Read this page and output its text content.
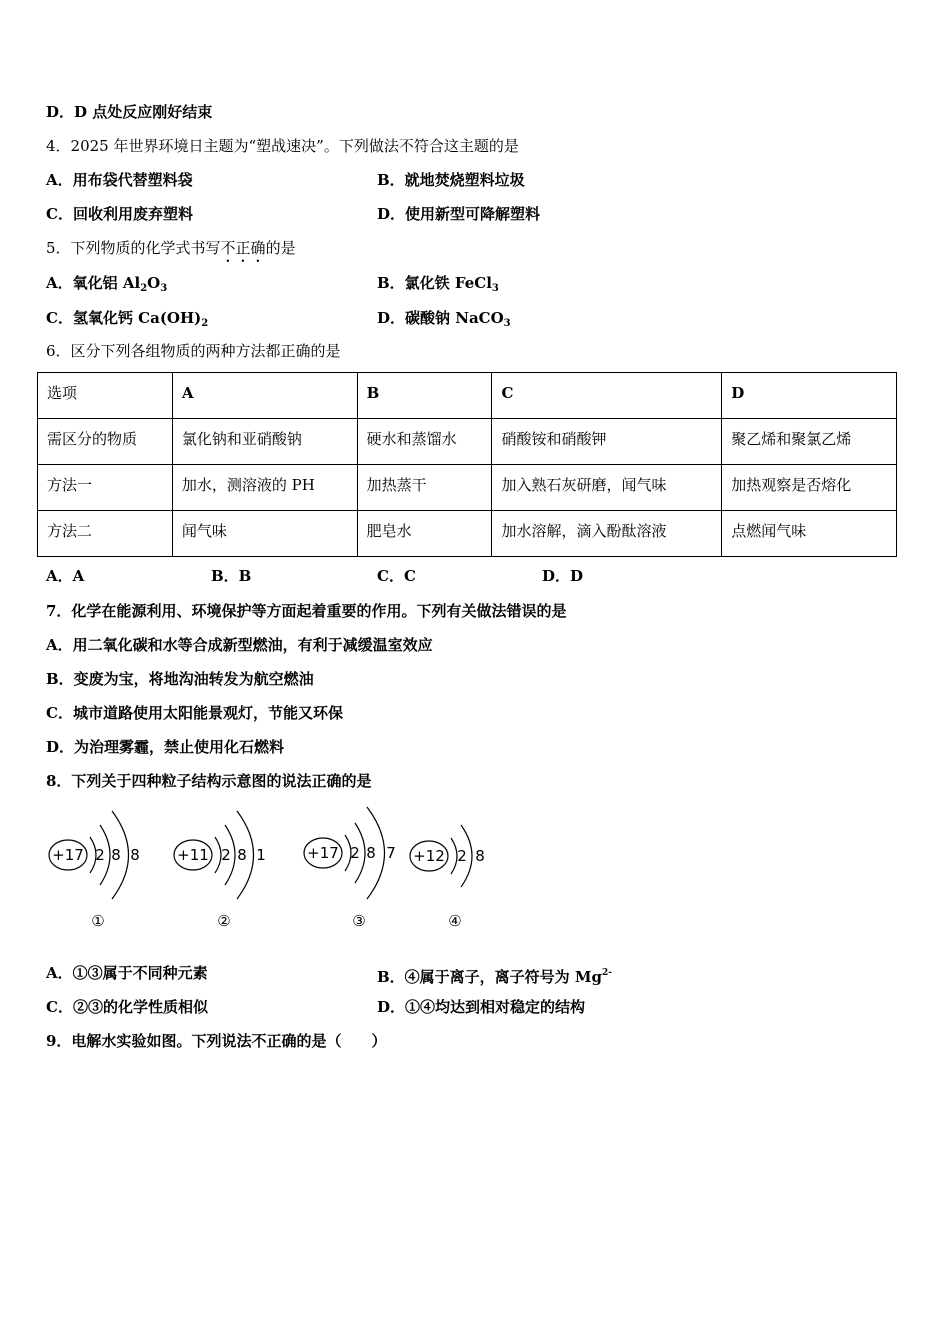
D．D 点处反应刚好结束
4．2025 年世界环境日主题为“塑战速决”。下列做法不符合这主题的是
A．用布袋代替塑料袋	B．就地焚烧塑料垃圾
C．回收利用废弃塑料	D．使用新型可降解塑料
5．下列物质的化学式书写不正确的是
A．氧化铝 $Al_2O_3$	B．氯化铁 FeCl$_3$
C．氢氧化钙 $Ca(OH)_2$	D．碳酸钠 NaCO$_3$
6．区分下列各组物质的两种方法都正确的是
选项	A	B	C	D
需区分的物质	氯化钠和亚硝酸钠	硬水和蒸馏水	硝酸铵和硝酸钾	聚乙烯和聚氯乙烯
方法一	加水，测溶液的 PH	加热蒸干	加入熟石灰研磨，闻气味	加热观察是否熔化
方法二	闻气味	肥皂水	加水溶解，滴入酚酞溶液	点燃闻气味
A．A	B．B	C．C	D．D
7．化学在能源利用、环境保护等方面起着重要的作用。下列有关做法错误的是
A．用二氧化碳和水等合成新型燃油，有利于减缓温室效应
B．变废为宝，将地沟油转发为航空燃油
C．城市道路使用太阳能景观灯，节能又环保
D．为治理雾霾，禁止使用化石燃料
8．下列关于四种粒子结构示意图的说法正确的是
+17 2 8 8
①
+11 2 8 1
②
+17 2 8 7
③
+12 2 8
④
A．①③属于不同种元素	B．④属于离子，离子符号为 $Mg^{2-}$
C．②③的化学性质相似	D．①④均达到相对稳定的结构
9．电解水实验如图。下列说法不正确的是（　　）
